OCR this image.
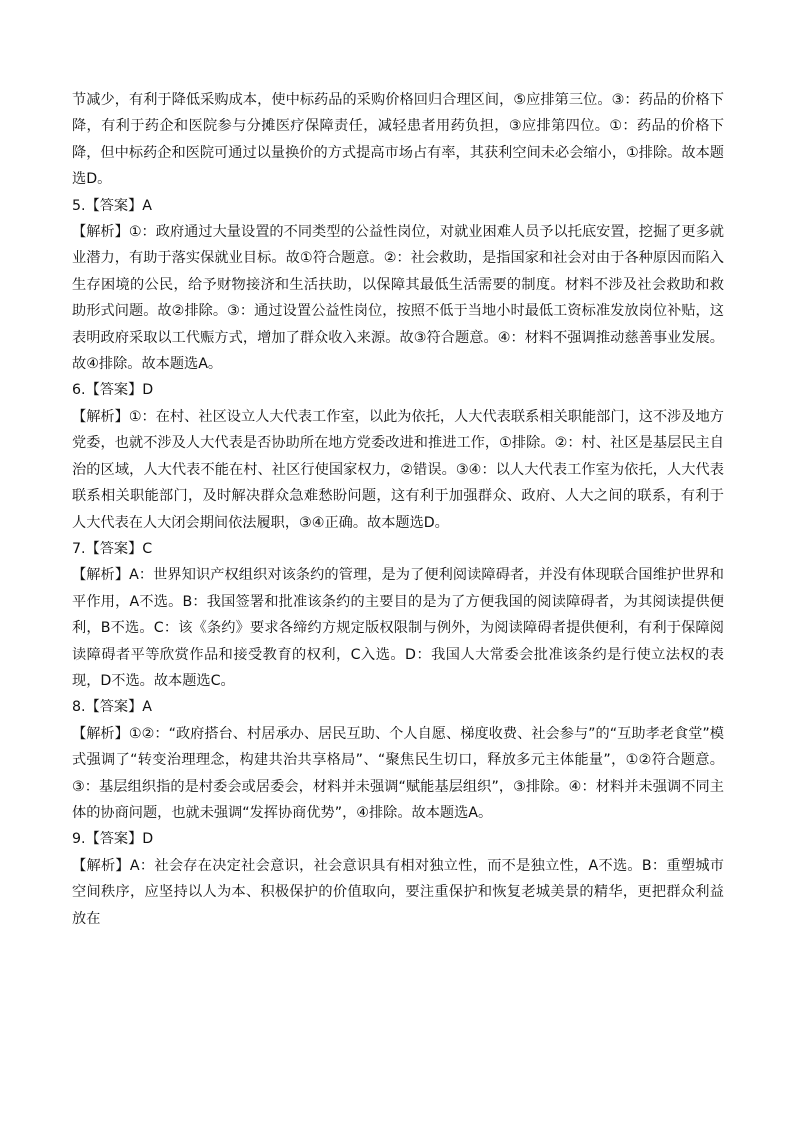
节减少，有利于降低采购成本，使中标药品的采购价格回归合理区间，⑤应排第三位。③：药品的价格下降，有利于药企和医院参与分摊医疗保障责任，减轻患者用药负担，③应排第四位。①：药品的价格下降，但中标药企和医院可通过以量换价的方式提高市场占有率，其获利空间未必会缩小，①排除。故本题选D。

5.【答案】A

【解析】①：政府通过大量设置的不同类型的公益性岗位，对就业困难人员予以托底安置，挖掘了更多就业潜力，有助于落实保就业目标。故①符合题意。②：社会救助，是指国家和社会对由于各种原因而陷入生存困境的公民，给予财物接济和生活扶助，以保障其最低生活需要的制度。材料不涉及社会救助和救助形式问题。故②排除。③：通过设置公益性岗位，按照不低于当地小时最低工资标准发放岗位补贴，这表明政府采取以工代赈方式，增加了群众收入来源。故③符合题意。④：材料不强调推动慈善事业发展。故④排除。故本题选A。

6.【答案】D

【解析】①：在村、社区设立人大代表工作室，以此为依托，人大代表联系相关职能部门，这不涉及地方党委，也就不涉及人大代表是否协助所在地方党委改进和推进工作，①排除。②：村、社区是基层民主自治的区域，人大代表不能在村、社区行使国家权力，②错误。③④：以人大代表工作室为依托，人大代表联系相关职能部门，及时解决群众急难愁盼问题，这有利于加强群众、政府、人大之间的联系，有利于人大代表在人大闭会期间依法履职，③④正确。故本题选D。

7.【答案】C

【解析】A：世界知识产权组织对该条约的管理，是为了便利阅读障碍者，并没有体现联合国维护世界和平作用，A不选。B：我国签署和批准该条约的主要目的是为了方便我国的阅读障碍者，为其阅读提供便利，B不选。C：该《条约》要求各缔约方规定版权限制与例外，为阅读障碍者提供便利，有利于保障阅读障碍者平等欣赏作品和接受教育的权利，C入选。D：我国人大常委会批准该条约是行使立法权的表现，D不选。故本题选C。

8.【答案】A

【解析】①②：“政府搭台、村居承办、居民互助、个人自愿、梯度收费、社会参与”的“互助孝老食堂”模式强调了“转变治理理念，构建共治共享格局”、“聚焦民生切口，释放多元主体能量”，①②符合题意。③：基层组织指的是村委会或居委会，材料并未强调“赋能基层组织”，③排除。④：材料并未强调不同主体的协商问题，也就未强调“发挥协商优势”，④排除。故本题选A。

9.【答案】D

【解析】A：社会存在决定社会意识，社会意识具有相对独立性，而不是独立性，A不选。B：重塑城市空间秩序，应坚持以人为本、积极保护的价值取向，要注重保护和恢复老城美景的精华，更把群众利益放在
